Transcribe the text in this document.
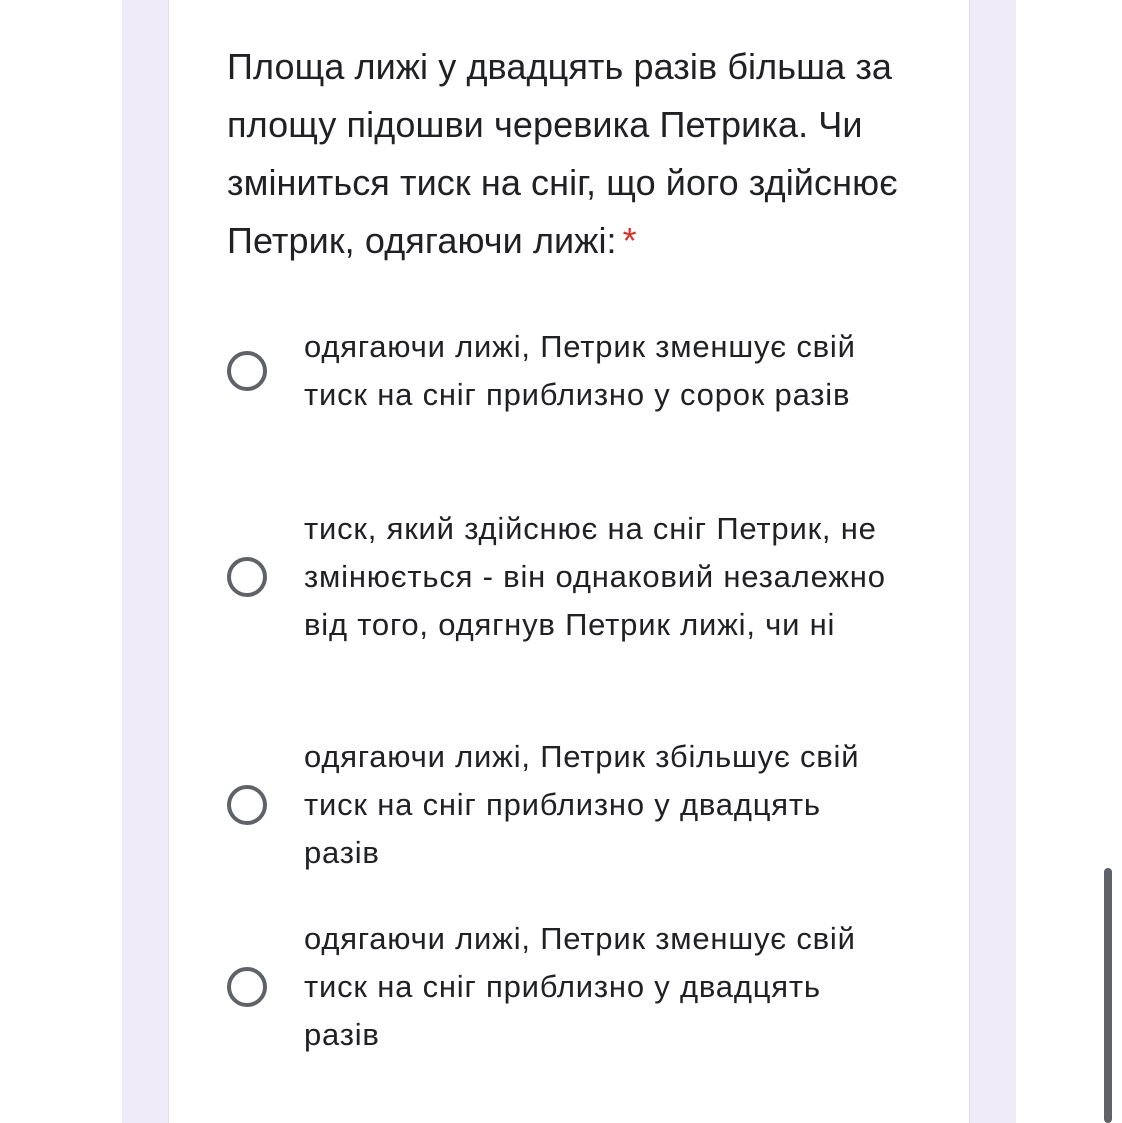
Площа лижі у двадцять разів більша за площу підошви черевика Петрика. Чи зміниться тиск на сніг, що його здійснює Петрик, одягаючи лижі: *
одягаючи лижі, Петрик зменшує свій тиск на сніг приблизно у сорок разів
тиск, який здійснює на сніг Петрик, не змінюється - він однаковий незалежно від того, одягнув Петрик лижі, чи ні
одягаючи лижі, Петрик збільшує свій тиск на сніг приблизно у двадцять разів
одягаючи лижі, Петрик зменшує свій тиск на сніг приблизно у двадцять разів
